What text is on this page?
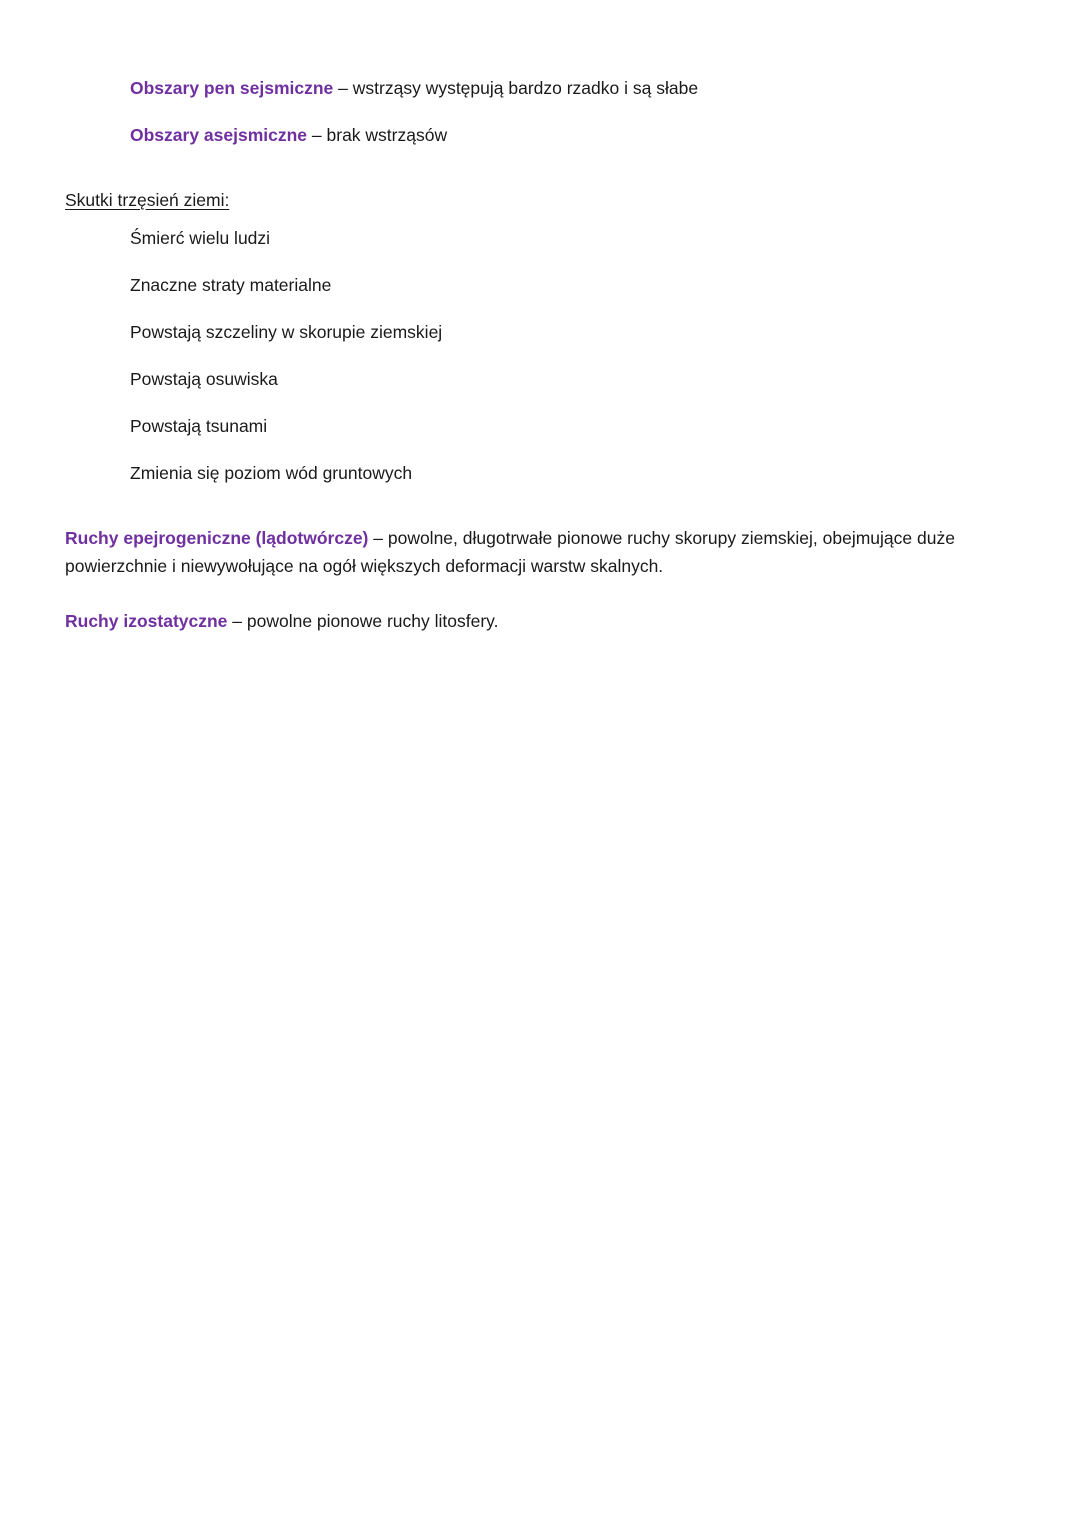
Obszary pen sejsmiczne – wstrząsy występują bardzo rzadko i są słabe
Obszary asejsmiczne – brak wstrząsów
Skutki trzęsień ziemi:
Śmierć wielu ludzi
Znaczne straty materialne
Powstają szczeliny w skorupie ziemskiej
Powstają osuwiska
Powstają tsunami
Zmienia się poziom wód gruntowych
Ruchy epejrogeniczne (lądotwórcze) – powolne, długotrwałe pionowe ruchy skorupy ziemskiej, obejmujące duże powierzchnie i niewywołujące na ogół większych deformacji warstw skalnych.
Ruchy izostatyczne – powolne pionowe ruchy litosfery.
